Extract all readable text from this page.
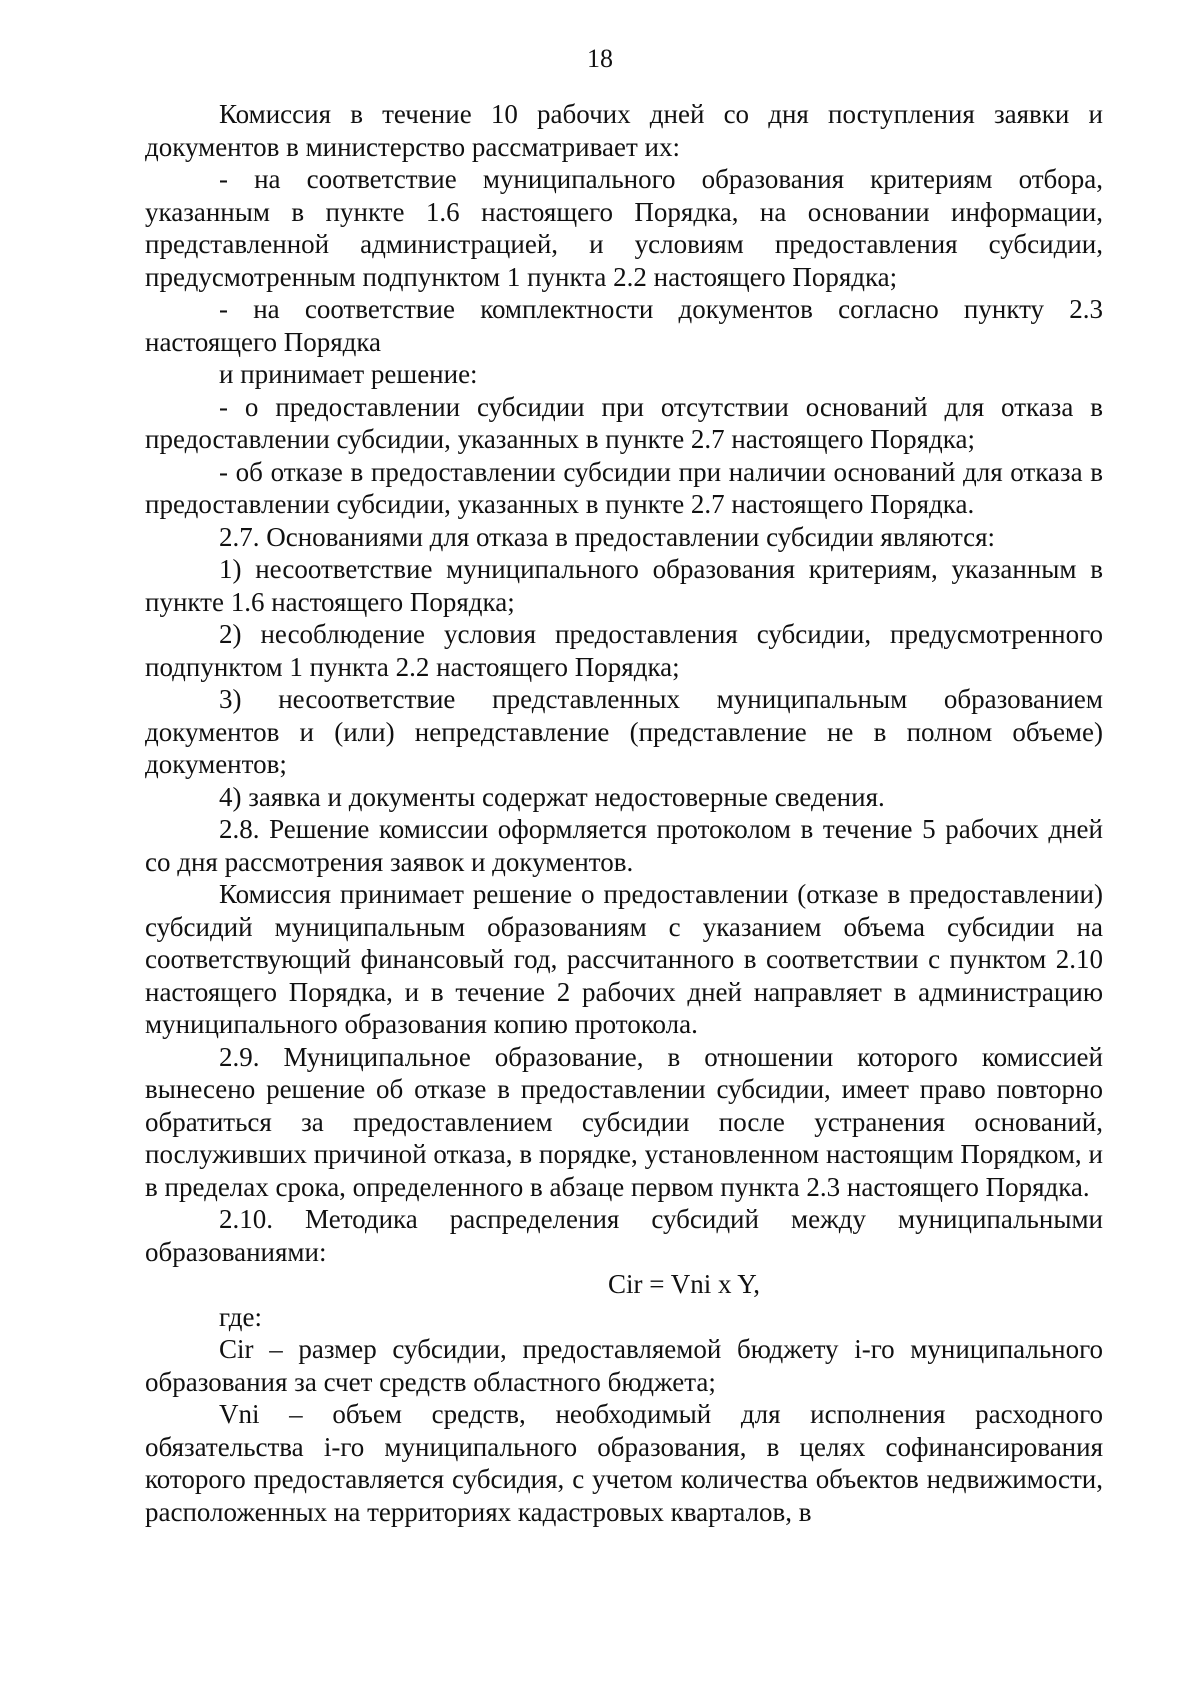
18

Комиссия в течение 10 рабочих дней со дня поступления заявки и документов в министерство рассматривает их:

- на соответствие муниципального образования критериям отбора, указанным в пункте 1.6 настоящего Порядка, на основании информации, представленной администрацией, и условиям предоставления субсидии, предусмотренным подпунктом 1 пункта 2.2 настоящего Порядка;

- на соответствие комплектности документов согласно пункту 2.3 настоящего Порядка

и принимает решение:

- о предоставлении субсидии при отсутствии оснований для отказа в предоставлении субсидии, указанных в пункте 2.7 настоящего Порядка;

- об отказе в предоставлении субсидии при наличии оснований для отказа в предоставлении субсидии, указанных в пункте 2.7 настоящего Порядка.

2.7. Основаниями для отказа в предоставлении субсидии являются:

1) несоответствие муниципального образования критериям, указанным в пункте 1.6 настоящего Порядка;

2) несоблюдение условия предоставления субсидии, предусмотренного подпунктом 1 пункта 2.2 настоящего Порядка;

3) несоответствие представленных муниципальным образованием документов и (или) непредставление (представление не в полном объеме) документов;

4) заявка и документы содержат недостоверные сведения.

2.8. Решение комиссии оформляется протоколом в течение 5 рабочих дней со дня рассмотрения заявок и документов.

Комиссия принимает решение о предоставлении (отказе в предоставлении) субсидий муниципальным образованиям с указанием объема субсидии на соответствующий финансовый год, рассчитанного в соответствии с пунктом 2.10 настоящего Порядка, и в течение 2 рабочих дней направляет в администрацию муниципального образования копию протокола.

2.9. Муниципальное образование, в отношении которого комиссией вынесено решение об отказе в предоставлении субсидии, имеет право повторно обратиться за предоставлением субсидии после устранения оснований, послуживших причиной отказа, в порядке, установленном настоящим Порядком, и в пределах срока, определенного в абзаце первом пункта 2.3 настоящего Порядка.

2.10. Методика распределения субсидий между муниципальными образованиями:

Cir = Vni x Y,

где:

Cir – размер субсидии, предоставляемой бюджету i-го муниципального образования за счет средств областного бюджета;

Vni – объем средств, необходимый для исполнения расходного обязательства i-го муниципального образования, в целях софинансирования которого предоставляется субсидия, с учетом количества объектов недвижимости, расположенных на территориях кадастровых кварталов, в
